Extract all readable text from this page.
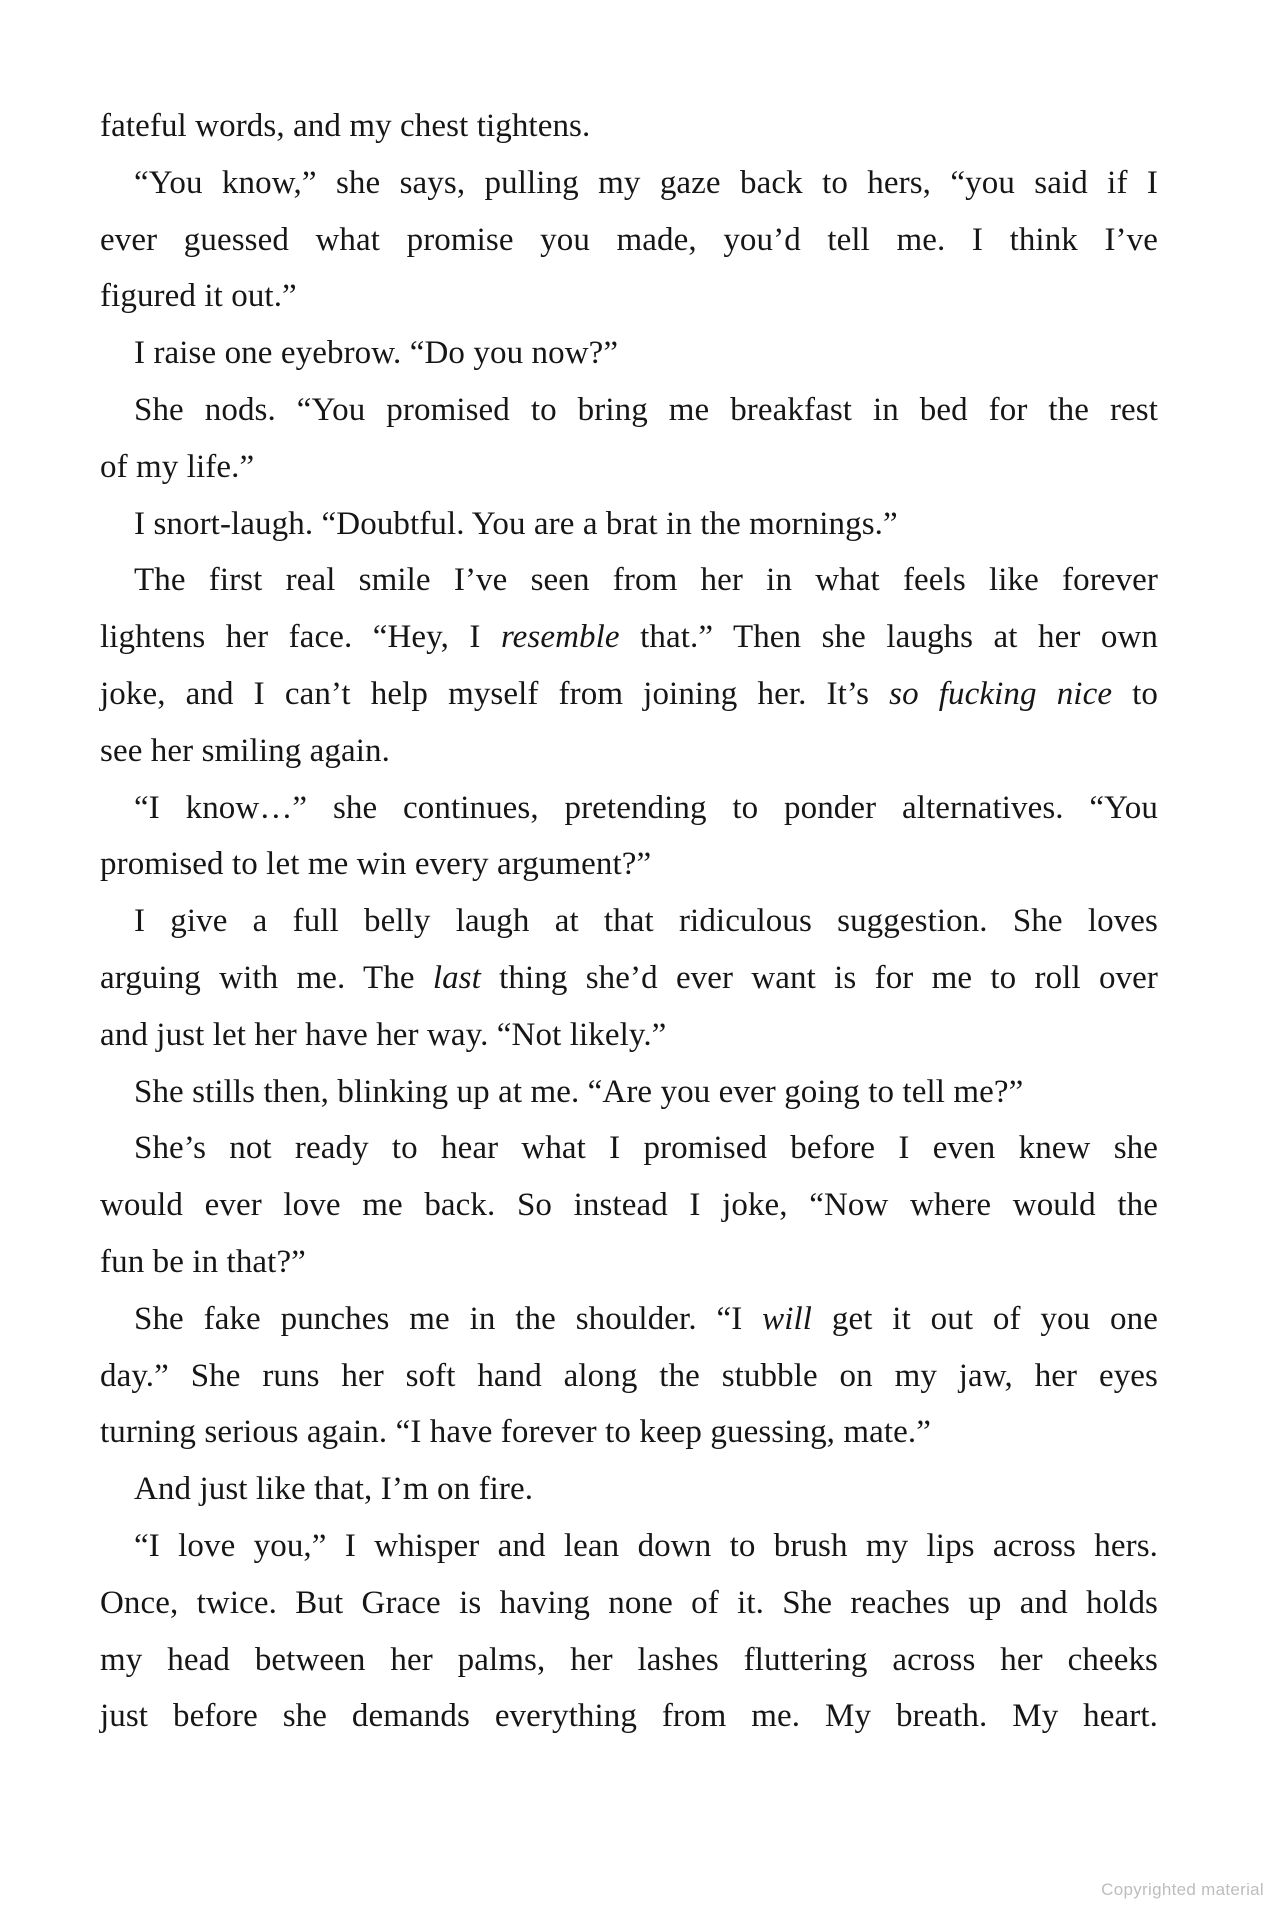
fateful words, and my chest tightens.
“You know,” she says, pulling my gaze back to hers, “you said if I
ever guessed what promise you made, you’d tell me. I think I’ve
figured it out.”
I raise one eyebrow. “Do you now?”
She nods. “You promised to bring me breakfast in bed for the rest
of my life.”
I snort-laugh. “Doubtful. You are a brat in the mornings.”
The first real smile I’ve seen from her in what feels like forever
lightens her face. “Hey, I resemble that.” Then she laughs at her own
joke, and I can’t help myself from joining her. It’s so fucking nice to
see her smiling again.
“I know…” she continues, pretending to ponder alternatives. “You
promised to let me win every argument?”
I give a full belly laugh at that ridiculous suggestion. She loves
arguing with me. The last thing she’d ever want is for me to roll over
and just let her have her way. “Not likely.”
She stills then, blinking up at me. “Are you ever going to tell me?”
She’s not ready to hear what I promised before I even knew she
would ever love me back. So instead I joke, “Now where would the
fun be in that?”
She fake punches me in the shoulder. “I will get it out of you one
day.” She runs her soft hand along the stubble on my jaw, her eyes
turning serious again. “I have forever to keep guessing, mate.”
And just like that, I’m on fire.
“I love you,” I whisper and lean down to brush my lips across hers.
Once, twice. But Grace is having none of it. She reaches up and holds
my head between her palms, her lashes fluttering across her cheeks
just before she demands everything from me. My breath. My heart.
Copyrighted material
